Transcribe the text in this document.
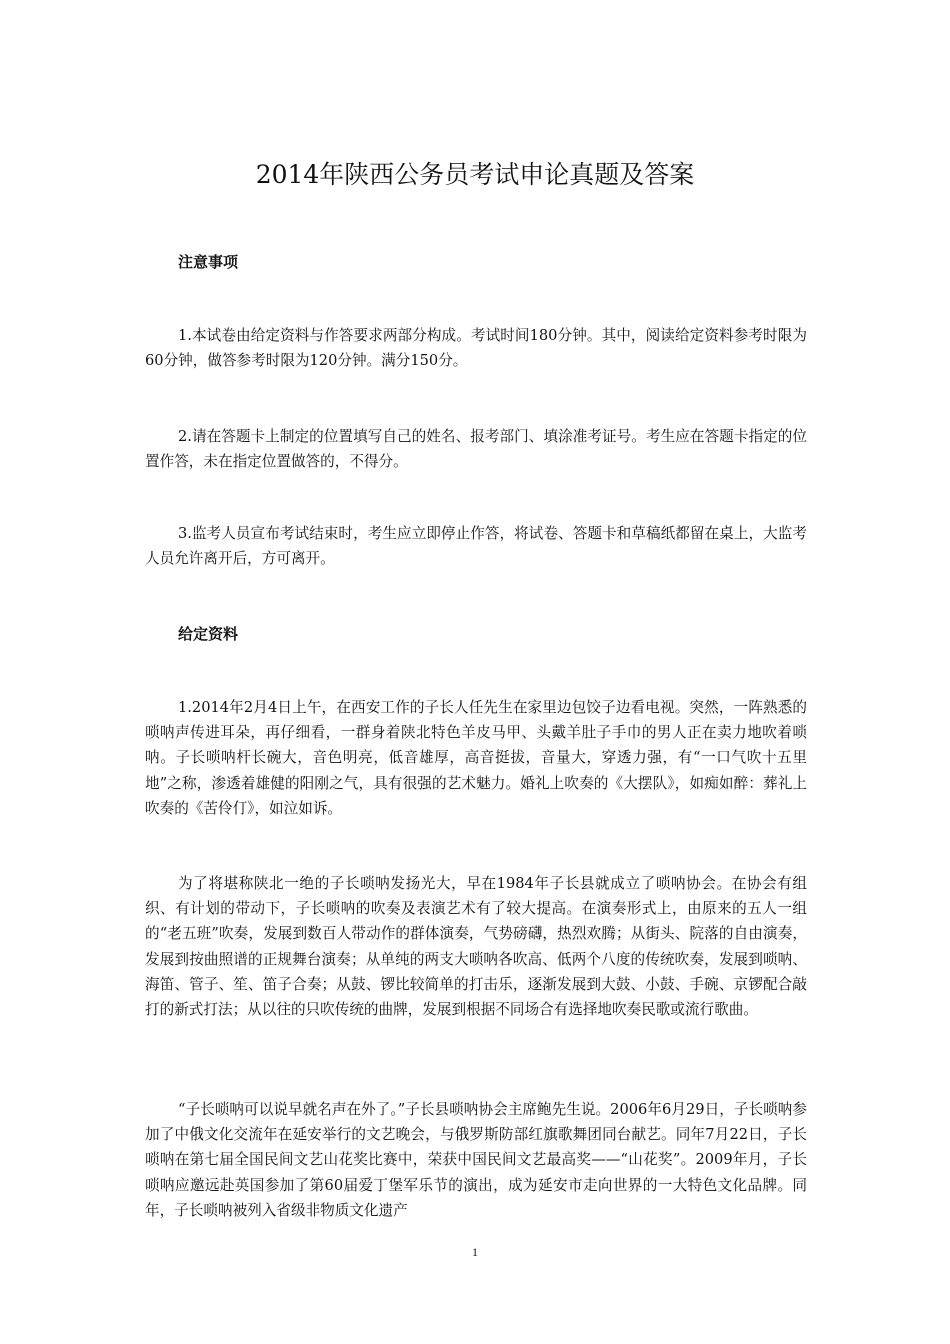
2014年陕西公务员考试申论真题及答案
注意事项

1.本试卷由给定资料与作答要求两部分构成。考试时间180分钟。其中，阅读给定资料参考时限为60分钟，做答参考时限为120分钟。满分150分。

2.请在答题卡上制定的位置填写自己的姓名、报考部门、填涂准考证号。考生应在答题卡指定的位置作答，未在指定位置做答的，不得分。

3.监考人员宣布考试结束时，考生应立即停止作答，将试卷、答题卡和草稿纸都留在桌上，大监考人员允许离开后，方可离开。

给定资料

1.2014年2月4日上午，在西安工作的子长人任先生在家里边包饺子边看电视。突然，一阵熟悉的唢呐声传进耳朵，再仔细看，一群身着陕北特色羊皮马甲、头戴羊肚子手巾的男人正在卖力地吹着唢呐。子长唢呐杆长碗大，音色明亮，低音雄厚，高音挺拔，音量大，穿透力强，有“一口气吹十五里地”之称，渗透着雄健的阳刚之气，具有很强的艺术魅力。婚礼上吹奏的《大摆队》，如痴如醉：葬礼上吹奏的《苦伶仃》，如泣如诉。

为了将堪称陕北一绝的子长唢呐发扬光大，早在1984年子长县就成立了唢呐协会。在协会有组织、有计划的带动下，子长唢呐的吹奏及表演艺术有了较大提高。在演奏形式上，由原来的五人一组的“老五班”吹奏，发展到数百人带动作的群体演奏，气势磅礴，热烈欢腾；从街头、院落的自由演奏，发展到按曲照谱的正规舞台演奏；从单纯的两支大唢呐各吹高、低两个八度的传统吹奏，发展到唢呐、海笛、管子、笙、笛子合奏；从鼓、锣比较简单的打击乐，逐渐发展到大鼓、小鼓、手碗、京锣配合敲打的新式打法；从以往的只吹传统的曲牌，发展到根据不同场合有选择地吹奏民歌或流行歌曲。

“子长唢呐可以说早就名声在外了。”子长县唢呐协会主席鲍先生说。2006年6月29日，子长唢呐参加了中俄文化交流年在延安举行的文艺晚会，与俄罗斯防部红旗歌舞团同台献艺。同年7月22日，子长唢呐在第七届全国民间文艺山花奖比赛中，荣获中国民间文艺最高奖——“山花奖”。2009年月，子长唢呐应邀远赴英国参加了第60届爱丁堡军乐节的演出，成为延安市走向世界的一大特色文化品牌。同年，子长唢呐被列入省级非物质文化遗产

1
